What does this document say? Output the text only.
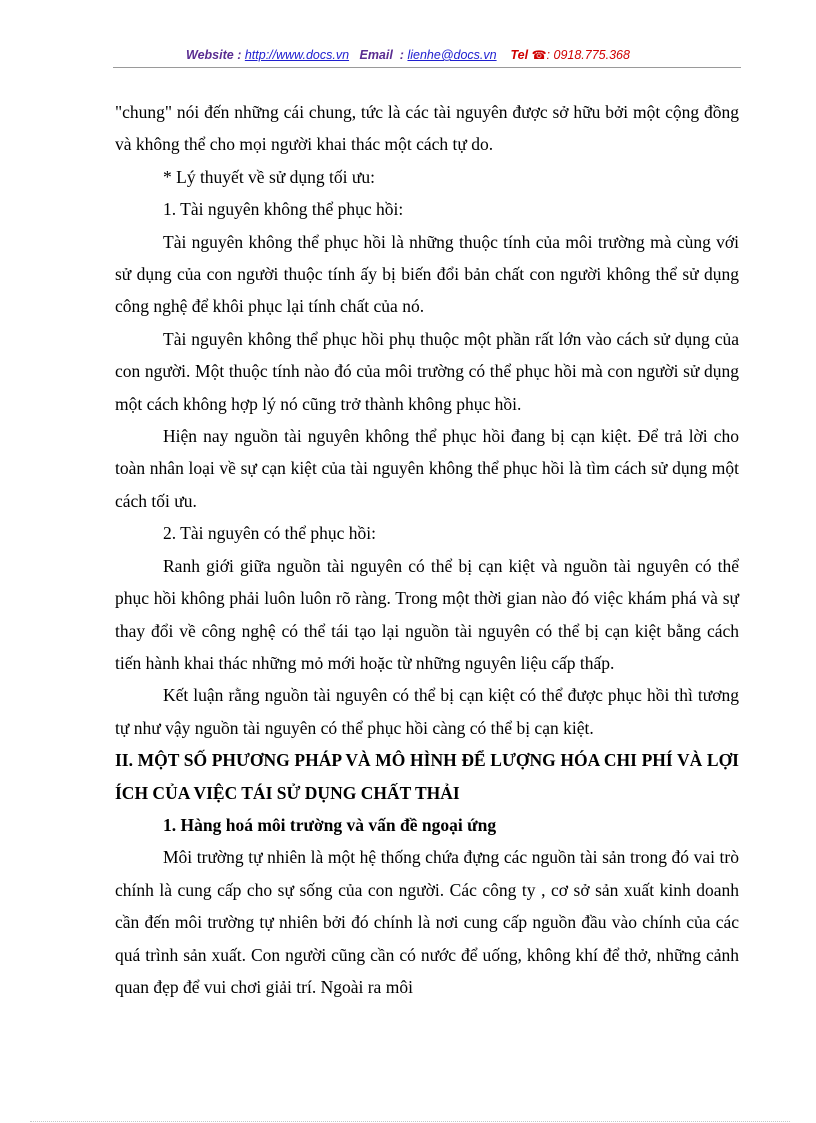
Website : http://www.docs.vn Email : lienhe@docs.vn Tel ☎: 0918.775.368

"chung" nói đến những cái chung, tức là các tài nguyên được sở hữu bởi một cộng đồng và không thể cho mọi người khai thác một cách tự do.

* Lý thuyết về sử dụng tối ưu:

1. Tài nguyên không thể phục hồi:

Tài nguyên không thể phục hồi là những thuộc tính của môi trường mà cùng với sử dụng của con người thuộc tính ấy bị biến đổi bản chất con người không thể sử dụng công nghệ để khôi phục lại tính chất của nó.

Tài nguyên không thể phục hồi phụ thuộc một phần rất lớn vào cách sử dụng của con người. Một thuộc tính nào đó của môi trường có thể phục hồi mà con người sử dụng một cách không hợp lý nó cũng trở thành không phục hồi.

Hiện nay nguồn tài nguyên không thể phục hồi đang bị cạn kiệt. Để trả lời cho toàn nhân loại về sự cạn kiệt của tài nguyên không thể phục hồi là tìm cách sử dụng một cách tối ưu.

2. Tài nguyên có thể phục hồi:

Ranh giới giữa nguồn tài nguyên có thể bị cạn kiệt và nguồn tài nguyên có thể phục hồi không phải luôn luôn rõ ràng. Trong một thời gian nào đó việc khám phá và sự thay đổi về công nghệ có thể tái tạo lại nguồn tài nguyên có thể bị cạn kiệt bằng cách tiến hành khai thác những mỏ mới hoặc từ những nguyên liệu cấp thấp.

Kết luận rằng nguồn tài nguyên có thể bị cạn kiệt có thể được phục hồi thì tương tự như vậy nguồn tài nguyên có thể phục hồi càng có thể bị cạn kiệt.

II. MỘT SỐ PHƯƠNG PHÁP VÀ MÔ HÌNH ĐỂ LƯỢNG HÓA CHI PHÍ VÀ LỢI ÍCH CỦA VIỆC TÁI SỬ DỤNG CHẤT THẢI

1. Hàng hoá môi trường và vấn đề ngoại ứng

Môi trường tự nhiên là một hệ thống chứa đựng các nguồn tài sản trong đó vai trò chính là cung cấp cho sự sống của con người. Các công ty , cơ sở sản xuất kinh doanh cần đến môi trường tự nhiên bởi đó chính là nơi cung cấp nguồn đầu vào chính của các quá trình sản xuất. Con người cũng cần có nước để uống, không khí để thở, những cảnh quan đẹp để vui chơi giải trí. Ngoài ra môi
